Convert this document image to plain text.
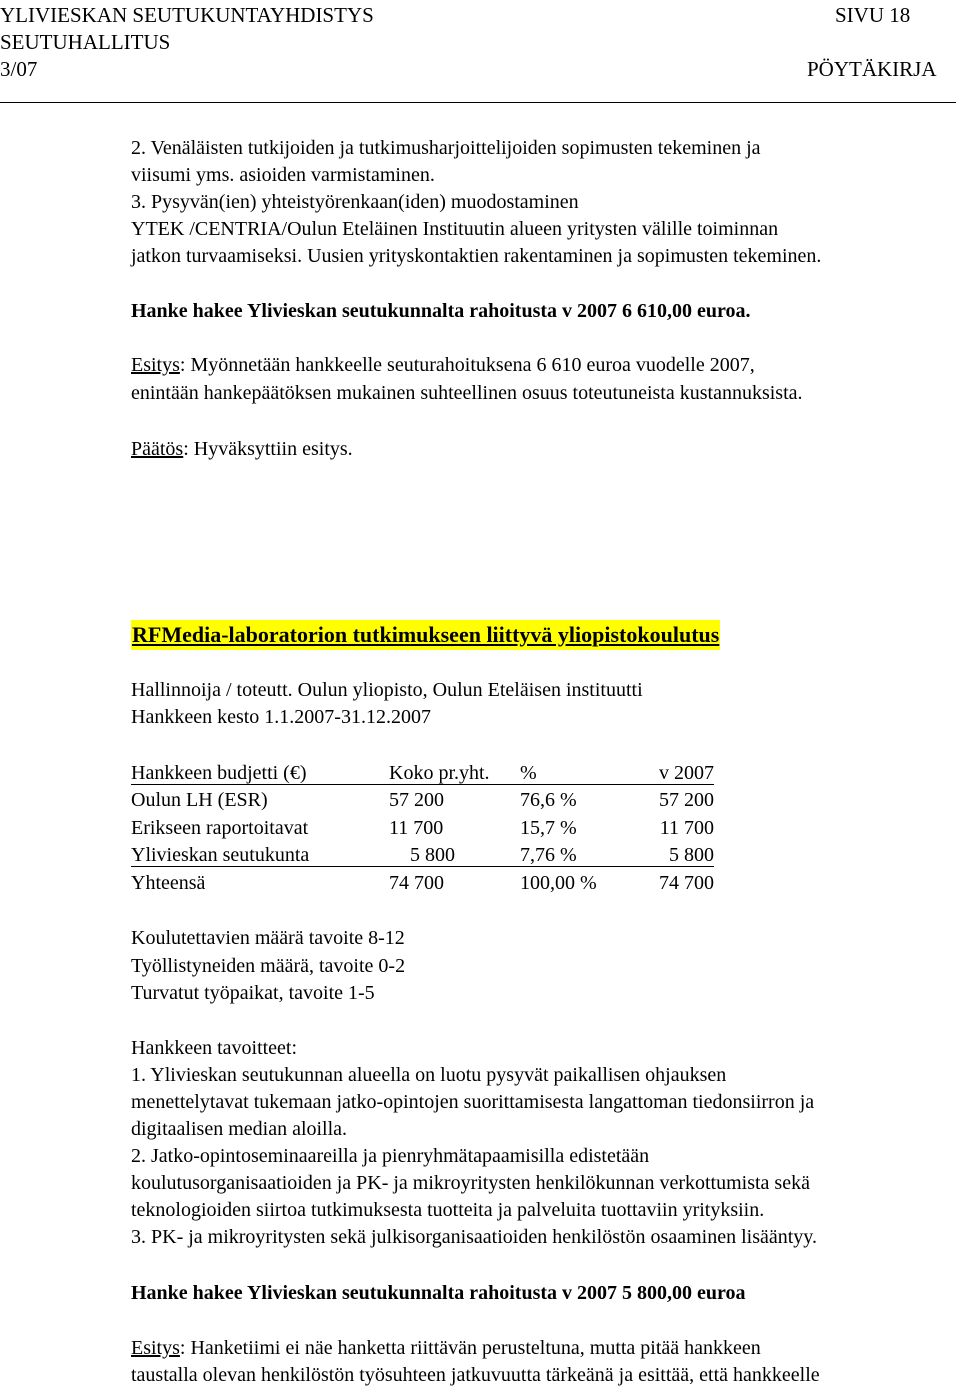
YLIVIESKAN SEUTUKUNTAYHDISTYS	SIVU 18
SEUTUHALLITUS
3/07	PÖYTÄKIRJA
2. Venäläisten tutkijoiden ja tutkimusharjoittelijoiden sopimusten tekeminen ja
viisumi yms. asioiden varmistaminen.
3. Pysyvän(ien) yhteistyörenkaan(iden) muodostaminen
YTEK /CENTRIA/Oulun Eteläinen Instituutin alueen yritysten välille toiminnan
jatkon turvaamiseksi. Uusien yrityskontaktien rakentaminen ja sopimusten tekeminen.
Hanke hakee Ylivieskan seutukunnalta rahoitusta v 2007 6 610,00 euroa.
Esitys: Myönnetään hankkeelle seuturahoituksena 6 610 euroa vuodelle 2007,
enintään hankepäätöksen mukainen suhteellinen osuus toteutuneista kustannuksista.
Päätös: Hyväksyttiin esitys.
RFMedia-laboratorion tutkimukseen liittyvä yliopistokoulutus
Hallinnoija / toteutt. Oulun yliopisto, Oulun Eteläisen instituutti
Hankkeen kesto 1.1.2007-31.12.2007
Hankkeen budjetti (€)	Koko pr.yht. %	v 2007
Oulun LH (ESR)	57 200	76,6 %	57 200
Erikseen raportoitavat	11 700	15,7 %	11 700
Ylivieskan seutukunta	5 800	7,76 %	5 800
Yhteensä	74 700	100,00 %	74 700
Koulutettavien määrä tavoite 8-12
Työllistyneiden määrä, tavoite 0-2
Turvatut työpaikat, tavoite 1-5
Hankkeen tavoitteet:
1. Ylivieskan seutukunnan alueella on luotu pysyvät paikallisen ohjauksen
menettelytavat tukemaan jatko-opintojen suorittamisesta langattoman tiedonsiirron ja
digitaalisen median aloilla.
2. Jatko-opintoseminaareilla ja pienryhmätapaamisilla edistetään
koulutusorganisaatioiden ja PK- ja mikroyritysten henkilökunnan verkottumista sekä
teknologioiden siirtoa tutkimuksesta tuotteita ja palveluita tuottaviin yrityksiin.
3. PK- ja mikroyritysten sekä julkisorganisaatioiden henkilöstön osaaminen lisääntyy.
Hanke hakee Ylivieskan seutukunnalta rahoitusta v 2007 5 800,00 euroa
Esitys: Hanketiimi ei näe hanketta riittävän perusteltuna, mutta pitää hankkeen
taustalla olevan henkilöstön työsuhteen jatkuvuutta tärkeänä ja esittää, että hankkeelle
